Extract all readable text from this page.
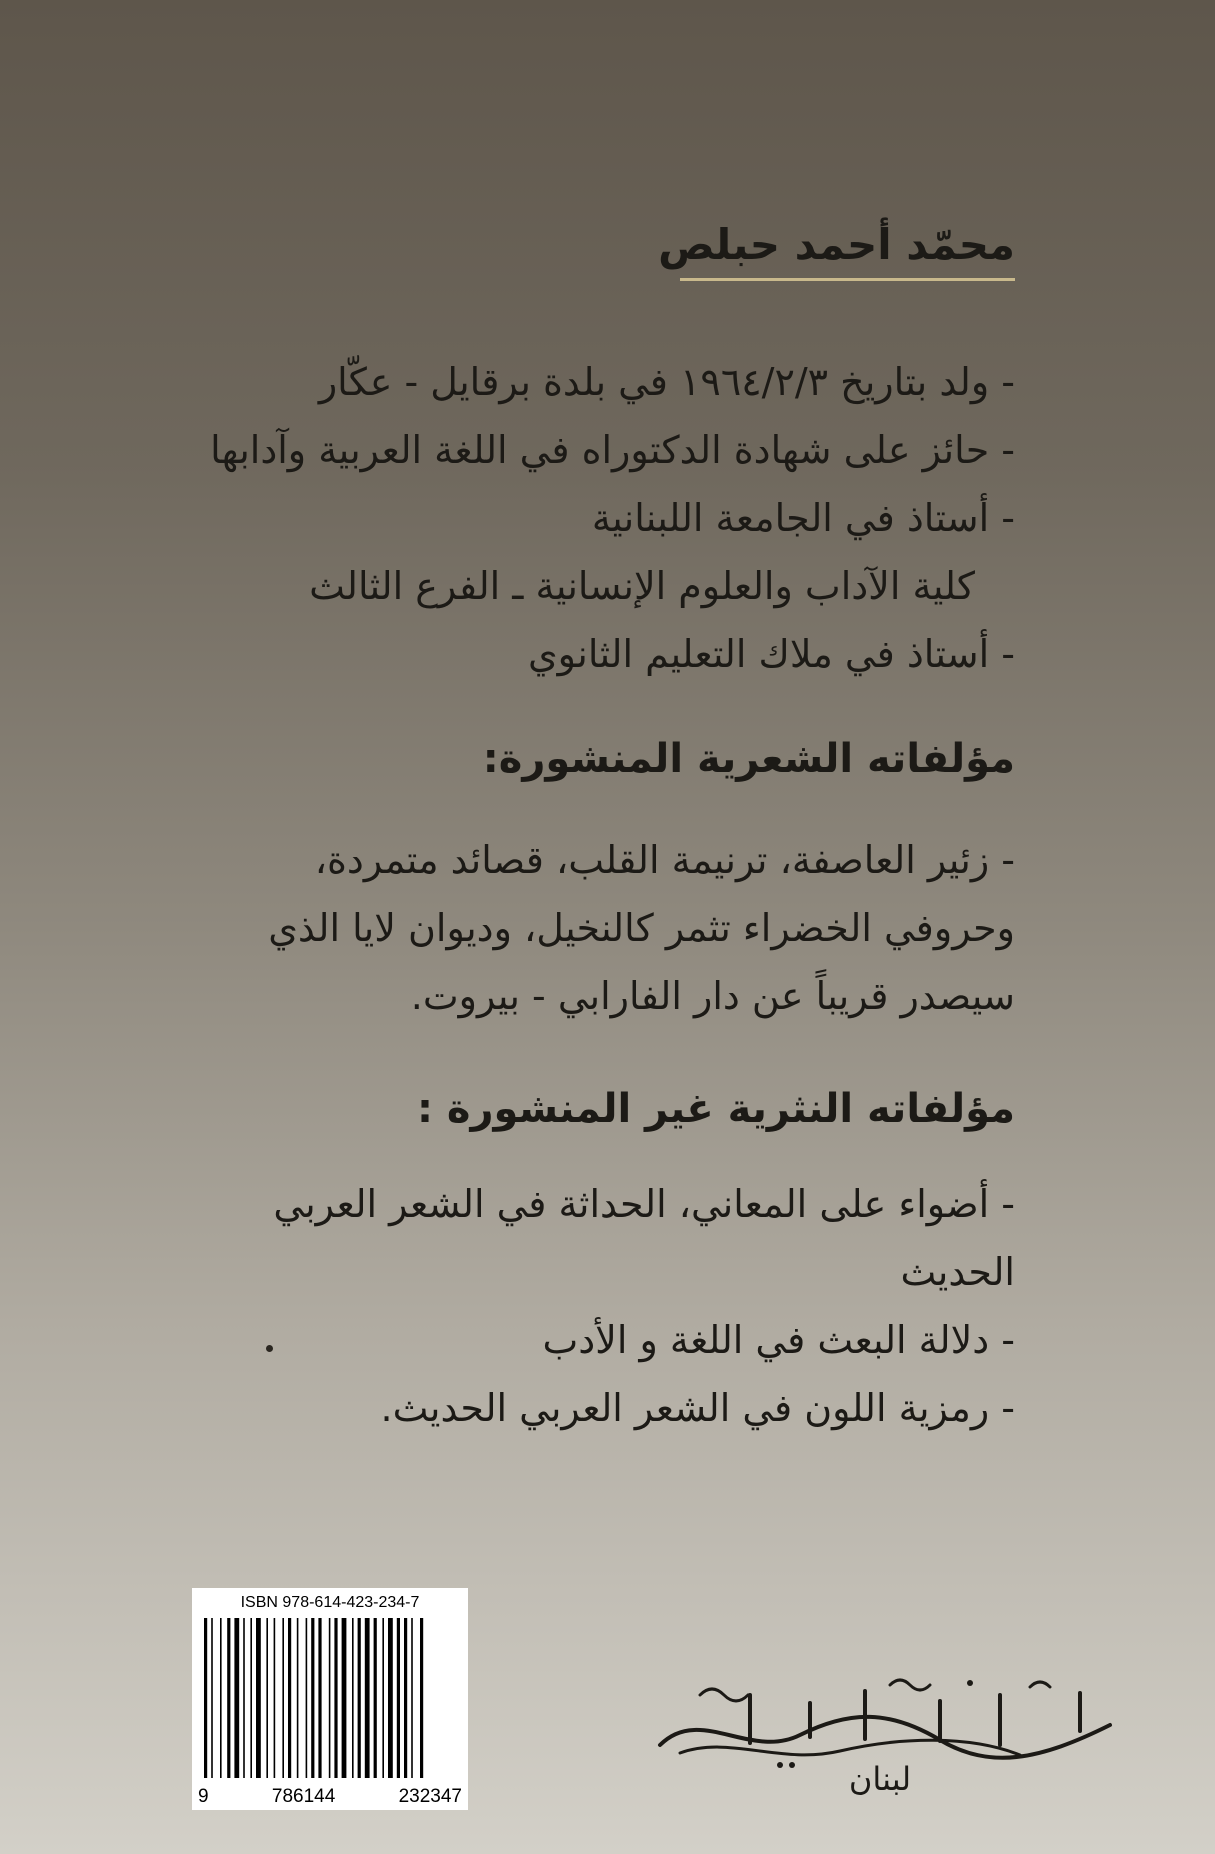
محمّد أحمد حبلص
- ولد بتاريخ ١٩٦٤/٢/٣ في بلدة برقايل - عكّار
- حائز على شهادة الدكتوراه في اللغة العربية وآدابها
- أستاذ في الجامعة اللبنانية
كلية الآداب والعلوم الإنسانية ـ الفرع الثالث
- أستاذ في ملاك التعليم الثانوي
مؤلفاته الشعرية المنشورة:
- زئير العاصفة، ترنيمة القلب، قصائد متمردة،
وحروفي الخضراء تثمر كالنخيل، وديوان لايا الذي
سيصدر قريباً عن دار الفارابي - بيروت.
مؤلفاته النثرية غير المنشورة :
- أضواء على المعاني، الحداثة في الشعر العربي الحديث
- دلالة البعث في اللغة و الأدب
- رمزية اللون في الشعر العربي الحديث.
ISBN 978-614-423-234-7
9	786144	232347	لبنان
